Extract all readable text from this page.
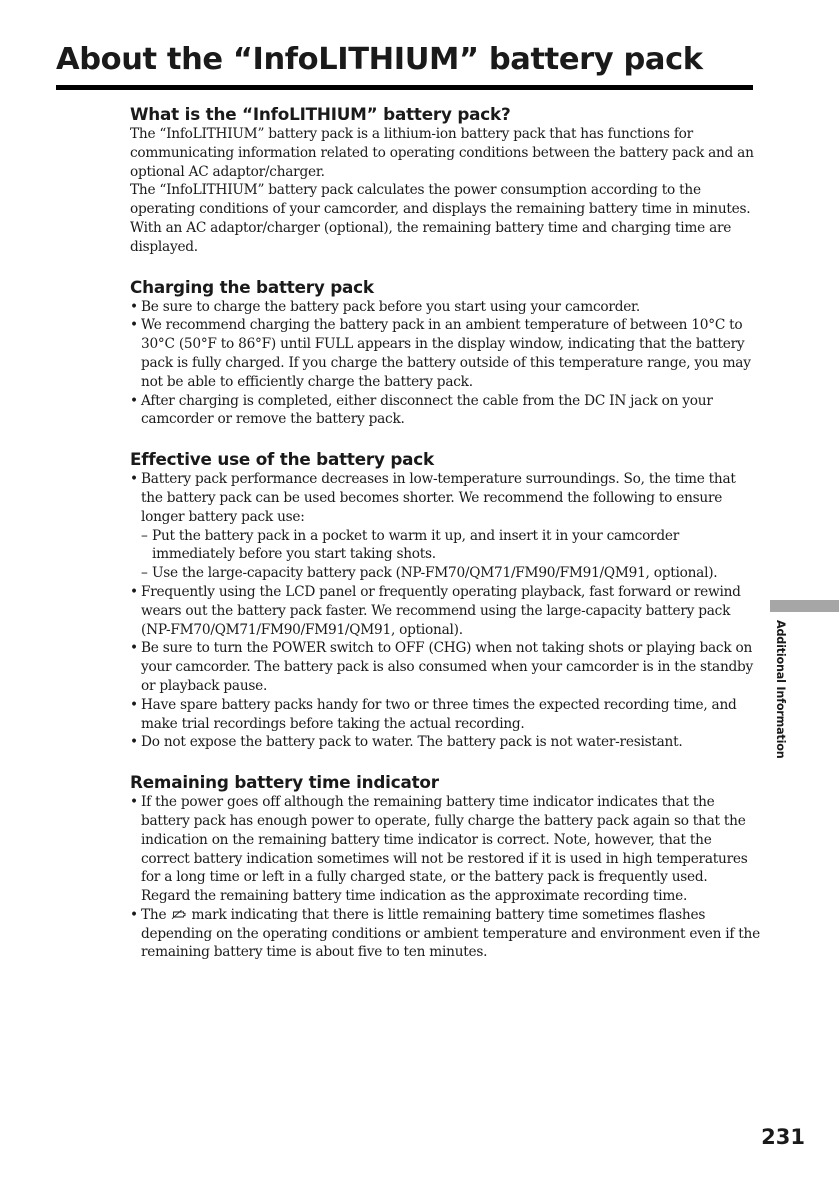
About the “InfoLITHIUM” battery pack
What is the “InfoLITHIUM” battery pack?

The “InfoLITHIUM” battery pack is a lithium-ion battery pack that has functions for communicating information related to operating conditions between the battery pack and an optional AC adaptor/charger.

The “InfoLITHIUM” battery pack calculates the power consumption according to the operating conditions of your camcorder, and displays the remaining battery time in minutes.

With an AC adaptor/charger (optional), the remaining battery time and charging time are displayed.

Charging the battery pack
• Be sure to charge the battery pack before you start using your camcorder.
• We recommend charging the battery pack in an ambient temperature of between 10°C to 30°C (50°F to 86°F) until FULL appears in the display window, indicating that the battery pack is fully charged. If you charge the battery outside of this temperature range, you may not be able to efficiently charge the battery pack.
• After charging is completed, either disconnect the cable from the DC IN jack on your camcorder or remove the battery pack.
Effective use of the battery pack
• Battery pack performance decreases in low-temperature surroundings. So, the time that the battery pack can be used becomes shorter. We recommend the following to ensure longer battery pack use:
– Put the battery pack in a pocket to warm it up, and insert it in your camcorder immediately before you start taking shots.
– Use the large-capacity battery pack (NP-FM70/QM71/FM90/FM91/QM91, optional).
• Frequently using the LCD panel or frequently operating playback, fast forward or rewind wears out the battery pack faster. We recommend using the large-capacity battery pack (NP-FM70/QM71/FM90/FM91/QM91, optional).
• Be sure to turn the POWER switch to OFF (CHG) when not taking shots or playing back on your camcorder. The battery pack is also consumed when your camcorder is in the standby or playback pause.
• Have spare battery packs handy for two or three times the expected recording time, and make trial recordings before taking the actual recording.
• Do not expose the battery pack to water. The battery pack is not water-resistant.
Remaining battery time indicator
• If the power goes off although the remaining battery time indicator indicates that the battery pack has enough power to operate, fully charge the battery pack again so that the indication on the remaining battery time indicator is correct. Note, however, that the correct battery indication sometimes will not be restored if it is used in high temperatures for a long time or left in a fully charged state, or the battery pack is frequently used. Regard the remaining battery time indication as the approximate recording time.
• The mark indicating that there is little remaining battery time sometimes flashes depending on the operating conditions or ambient temperature and environment even if the remaining battery time is about five to ten minutes.
Additional Information
231
